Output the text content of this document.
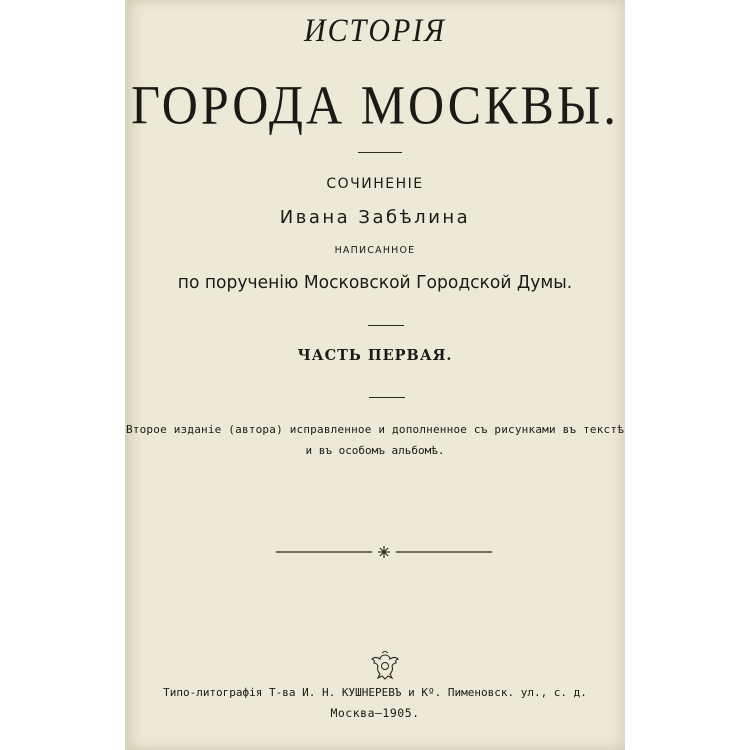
ИСТОРІЯ
ГОРОДА МОСКВЫ.
СОЧИНЕНІЕ
Ивана Забѣлина
НАПИСАННОЕ
по порученію Московской Городской Думы.
ЧАСТЬ ПЕРВАЯ.
Второе изданіе (автора) исправленное и дополненное съ рисунками въ текстѣ
и въ особомъ альбомѣ.
Типо-литографія Т-ва И. Н. КУШНЕРЕВЪ и Кº. Пименовск. ул., с. д.
Москва—1905.
